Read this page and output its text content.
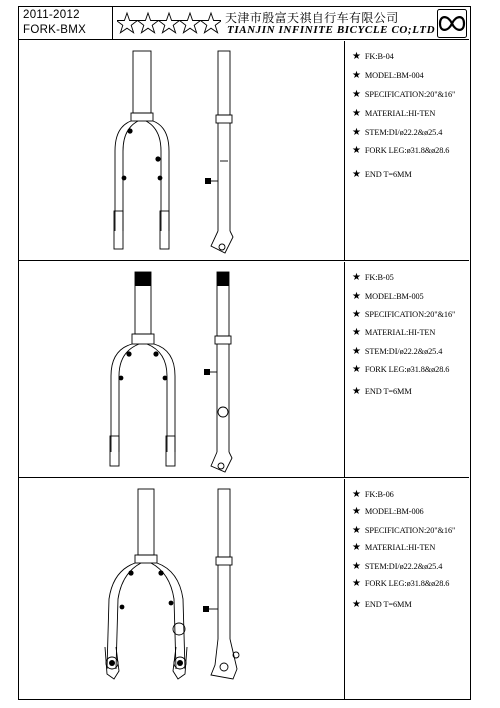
2011-2012
FORK-BMX
天津市殷富天祺自行车有限公司
TIANJIN INFINITE BICYCLE CO;LTD
★ FK:B-04
★ MODEL:BM-004
★ SPECIFICATION:20"&16"
★ MATERIAL:HI-TEN
★ STEM:DI/ø22.2&ø25.4
★ FORK LEG:ø31.8&ø28.6
★ END T=6MM
★ FK:B-05
★ MODEL:BM-005
★ SPECIFICATION:20"&16"
★ MATERIAL:HI-TEN
★ STEM:DI/ø22.2&ø25.4
★ FORK LEG:ø31.8&ø28.6
★ END T=6MM
★ FK:B-06
★ MODEL:BM-006
★ SPECIFICATION:20"&16"
★ MATERIAL:HI-TEN
★ STEM:DI/ø22.2&ø25.4
★ FORK LEG:ø31.8&ø28.6
★ END T=6MM
